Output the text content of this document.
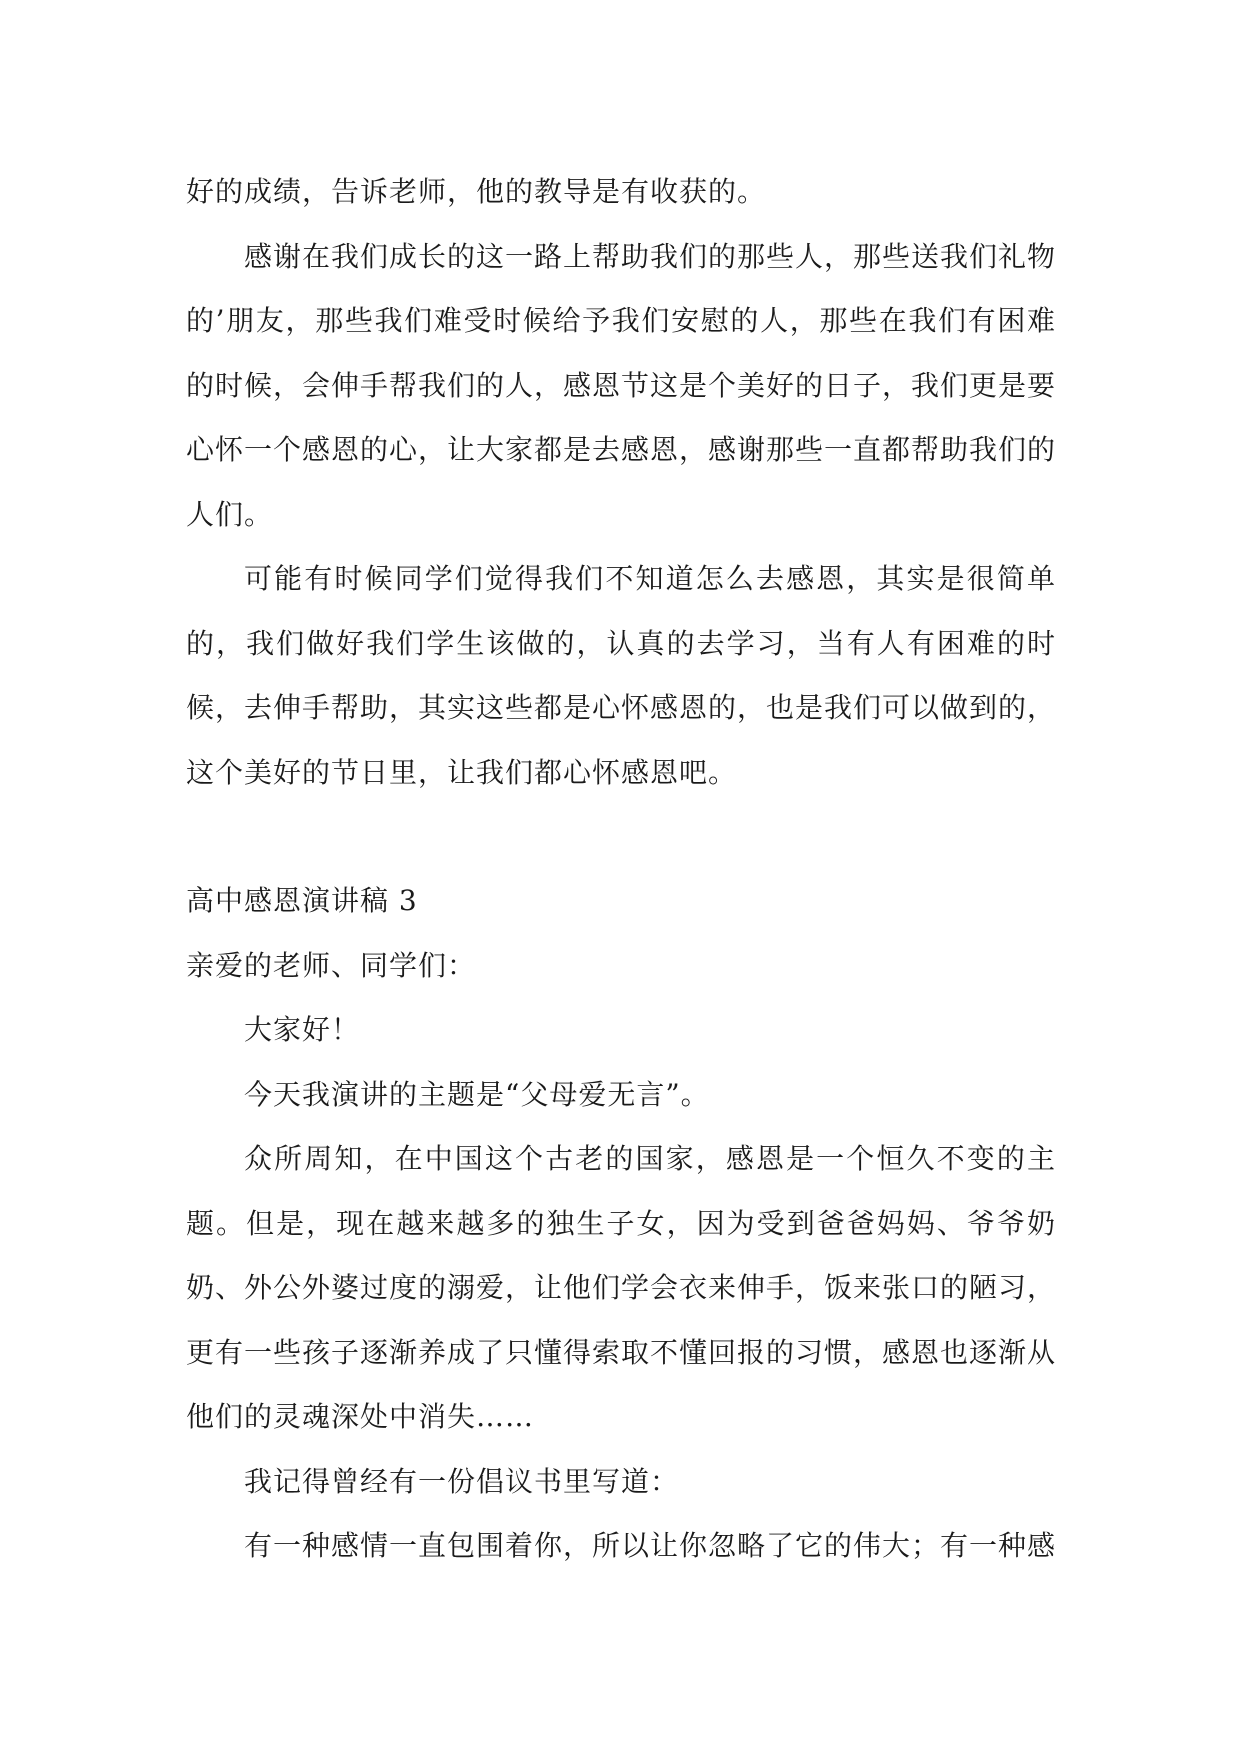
好的成绩，告诉老师，他的教导是有收获的。

感谢在我们成长的这一路上帮助我们的那些人，那些送我们礼物的’朋友，那些我们难受时候给予我们安慰的人，那些在我们有困难的时候，会伸手帮我们的人，感恩节这是个美好的日子，我们更是要心怀一个感恩的心，让大家都是去感恩，感谢那些一直都帮助我们的人们。

可能有时候同学们觉得我们不知道怎么去感恩，其实是很简单的，我们做好我们学生该做的，认真的去学习，当有人有困难的时候，去伸手帮助，其实这些都是心怀感恩的，也是我们可以做到的，这个美好的节日里，让我们都心怀感恩吧。

高中感恩演讲稿 3

亲爱的老师、同学们：

大家好！

今天我演讲的主题是“父母爱无言”。

众所周知，在中国这个古老的国家，感恩是一个恒久不变的主题。但是，现在越来越多的独生子女，因为受到爸爸妈妈、爷爷奶奶、外公外婆过度的溺爱，让他们学会衣来伸手，饭来张口的陋习，更有一些孩子逐渐养成了只懂得索取不懂回报的习惯，感恩也逐渐从他们的灵魂深处中消失……

我记得曾经有一份倡议书里写道：

有一种感情一直包围着你，所以让你忽略了它的伟大；有一种感
